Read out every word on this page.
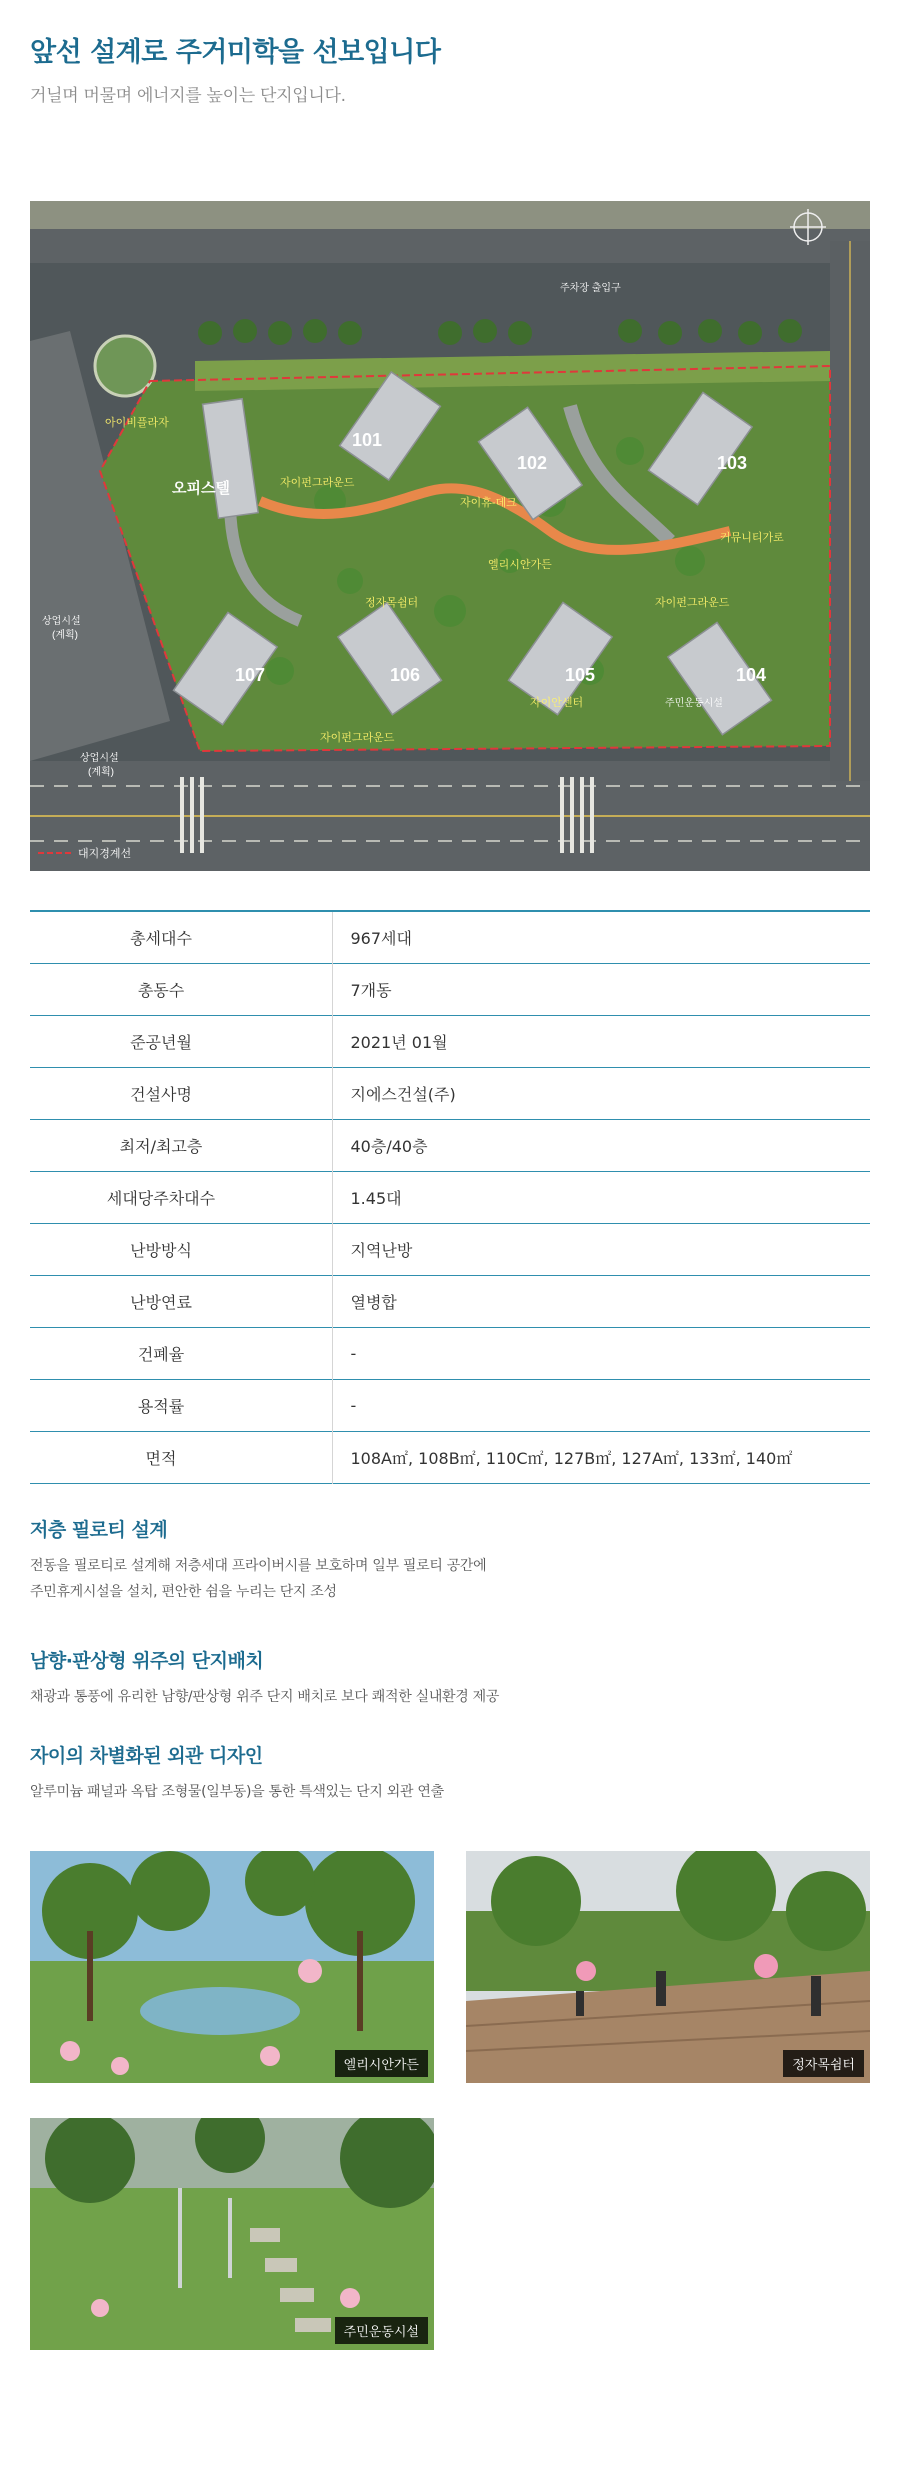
앞선 설계로 주거미학을 선보입니다

거닐며 머물며 에너지를 높이는 단지입니다.

101
102	103
104
105
106
107
자이펀그라운드
자이휴-데크
엘리시안가든
정자목쉼터
커뮤니티가로
자이펀그라운드
자이펀그라운드
아이비플라자
자이안센터
주차장 출입구
주민운동시설
상업시설
(계획)
상업시설
(계획)
오피스텔
대지경계선
총세대수		967세대
총동수		7개동
준공년월		2021년 01월
건설사명		지에스건설(주)
최저/최고층		40층/40층
세대당주차대수		1.45대
난방방식		지역난방
난방연료		열병합
건폐율		-
용적률		-
면적		108A㎡, 108B㎡, 110C㎡, 127B㎡, 127A㎡, 133㎡, 140㎡
저층 필로티 설계

전동을 필로티로 설계해 저층세대 프라이버시를 보호하며 일부 필로티 공간에
주민휴게시설을 설치, 편안한 쉼을 누리는 단지 조성

남향·판상형 위주의 단지배치

채광과 통풍에 유리한 남향/판상형 위주 단지 배치로 보다 쾌적한 실내환경 제공

자이의 차별화된 외관 디자인

알루미늄 패널과 옥탑 조형물(일부동)을 통한 특색있는 단지 외관 연출

엘리시안가든	정자목쉼터
주민운동시설
